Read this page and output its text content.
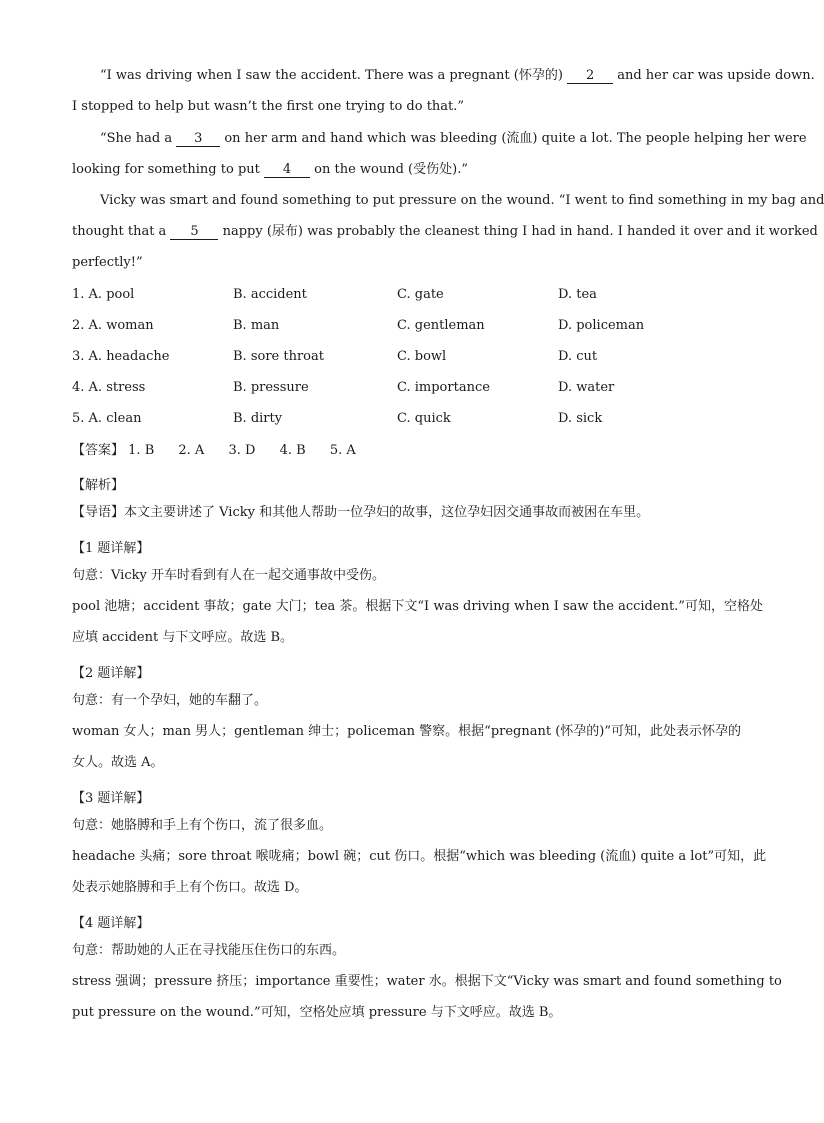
“I was driving when I saw the accident. There was a pregnant (怀孕的) 2 and her car was upside down.
I stopped to help but wasn’t the first one trying to do that.”
“She had a 3 on her arm and hand which was bleeding (流血) quite a lot. The people helping her were
looking for something to put 4 on the wound (受伤处).”
Vicky was smart and found something to put pressure on the wound. “I went to find something in my bag and
thought that a 5 nappy (尿布) was probably the cleanest thing I had in hand. I handed it over and it worked
perfectly!”
1. A. pool	B. accident	C. gate	D. tea
2. A. woman	B. man	C. gentleman	D. policeman
3. A. headache	B. sore throat	C. bowl	D. cut
4. A. stress	B. pressure	C. importance	D. water
5. A. clean	B. dirty	C. quick	D. sick
【答案】 1. B 2. A 3. D 4. B 5. A
【解析】
【导语】本文主要讲述了 Vicky 和其他人帮助一位孕妇的故事，这位孕妇因交通事故而被困在车里。
【1 题详解】
句意：Vicky 开车时看到有人在一起交通事故中受伤。
pool 池塘；accident 事故；gate 大门；tea 茶。根据下文“I was driving when I saw the accident.”可知，空格处
应填 accident 与下文呼应。故选 B。
【2 题详解】
句意：有一个孕妇，她的车翻了。
woman 女人；man 男人；gentleman 绅士；policeman 警察。根据“pregnant (怀孕的)”可知，此处表示怀孕的
女人。故选 A。
【3 题详解】
句意：她胳膊和手上有个伤口，流了很多血。
headache 头痛；sore throat 喉咙痛；bowl 碗；cut 伤口。根据“which was bleeding (流血) quite a lot”可知，此
处表示她胳膊和手上有个伤口。故选 D。
【4 题详解】
句意：帮助她的人正在寻找能压住伤口的东西。
stress 强调；pressure 挤压；importance 重要性；water 水。根据下文“Vicky was smart and found something to
put pressure on the wound.”可知，空格处应填 pressure 与下文呼应。故选 B。
